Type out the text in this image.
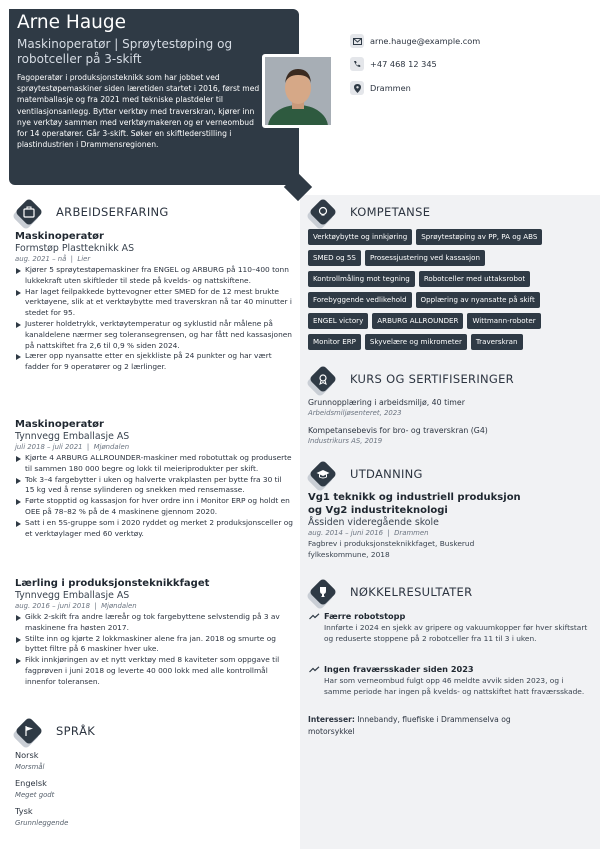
Arne Hauge
Maskinoperatør | Sprøytestøping og robotceller på 3-skift
Fagoperatør i produksjonsteknikk som har jobbet ved sprøytestøpemaskiner siden læretiden startet i 2016, først med matemballasje og fra 2021 med tekniske plastdeler til ventilasjonsanlegg. Bytter verktøy med traverskran, kjører inn nye verktøy sammen med verktøymakeren og er verneombud for 14 operatører. Går 3-skift. Søker en skiftlederstilling i plastindustrien i Drammensregionen.
arne.hauge@example.com
+47 468 12 345
Drammen
ARBEIDSERFARING
Maskinoperatør
Formstøp Plastteknikk AS
aug. 2021 – nå  |  Lier
Kjører 5 sprøytestøpemaskiner fra ENGEL og ARBURG på 110–400 tonn lukkekraft uten skiftleder til stede på kvelds- og nattskiftene.
Har laget feilpakkede byttevogner etter SMED for de 12 mest brukte verktøyene, slik at et verktøybytte med traverskran nå tar 40 minutter i stedet for 95.
Justerer holdetrykk, verktøytemperatur og syklustid når målene på kanaldelene nærmer seg toleransegrensen, og har fått ned kassasjonen på nattskiftet fra 2,6 til 0,9 % siden 2024.
Lærer opp nyansatte etter en sjekkliste på 24 punkter og har vært fadder for 9 operatører og 2 lærlinger.
Maskinoperatør
Tynnvegg Emballasje AS
juli 2018 – juli 2021  |  Mjøndalen
Kjørte 4 ARBURG ALLROUNDER-maskiner med robotuttak og produserte til sammen 180 000 begre og lokk til meieriprodukter per skift.
Tok 3–4 fargebytter i uken og halverte vrakplasten per bytte fra 30 til 15 kg ved å rense sylinderen og snekken med rensemasse.
Førte stopptid og kassasjon for hver ordre inn i Monitor ERP og holdt en OEE på 78–82 % på de 4 maskinene gjennom 2020.
Satt i en 5S-gruppe som i 2020 ryddet og merket 2 produksjonsceller og et verktøylager med 60 verktøy.
Lærling i produksjonsteknikkfaget
Tynnvegg Emballasje AS
aug. 2016 – juni 2018  |  Mjøndalen
Gikk 2-skift fra andre læreår og tok fargebyttene selvstendig på 3 av maskinene fra høsten 2017.
Stilte inn og kjørte 2 lokkmaskiner alene fra jan. 2018 og smurte og byttet filtre på 6 maskiner hver uke.
Fikk innkjøringen av et nytt verktøy med 8 kaviteter som oppgave til fagprøven i juni 2018 og leverte 40 000 lokk med alle kontrollmål innenfor toleransen.
SPRÅK
Norsk
Morsmål
Engelsk
Meget godt
Tysk
Grunnleggende
KOMPETANSE
Verktøybytte og innkjøring	Sprøytestøping av PP, PA og ABS
SMED og 5S	Prosessjustering ved kassasjon
Kontrollmåling mot tegning	Robotceller med uttaksrobot
Forebyggende vedlikehold	Opplæring av nyansatte på skift
ENGEL victory	ARBURG ALLROUNDER	Wittmann-roboter
Monitor ERP	Skyvelære og mikrometer	Traverskran
KURS OG SERTIFISERINGER
Grunnopplæring i arbeidsmiljø, 40 timer
Arbeidsmiljøsenteret, 2023
Kompetansebevis for bro- og traverskran (G4)
Industrikurs AS, 2019
UTDANNING
Vg1 teknikk og industriell produksjon og Vg2 industriteknologi
Åssiden videregående skole
aug. 2014 – juni 2016  |  Drammen
Fagbrev i produksjonsteknikkfaget, Buskerud fylkeskommune, 2018
NØKKELRESULTATER
Færre robotstopp
Innførte i 2024 en sjekk av gripere og vakuumkopper før hver skiftstart og reduserte stoppene på 2 robotceller fra 11 til 3 i uken.
Ingen fraværsskader siden 2023
Har som verneombud fulgt opp 46 meldte avvik siden 2023, og i samme periode har ingen på kvelds- og nattskiftet hatt fraværsskade.
Interesser: Innebandy, fluefiske i Drammenselva og motorsykkel
